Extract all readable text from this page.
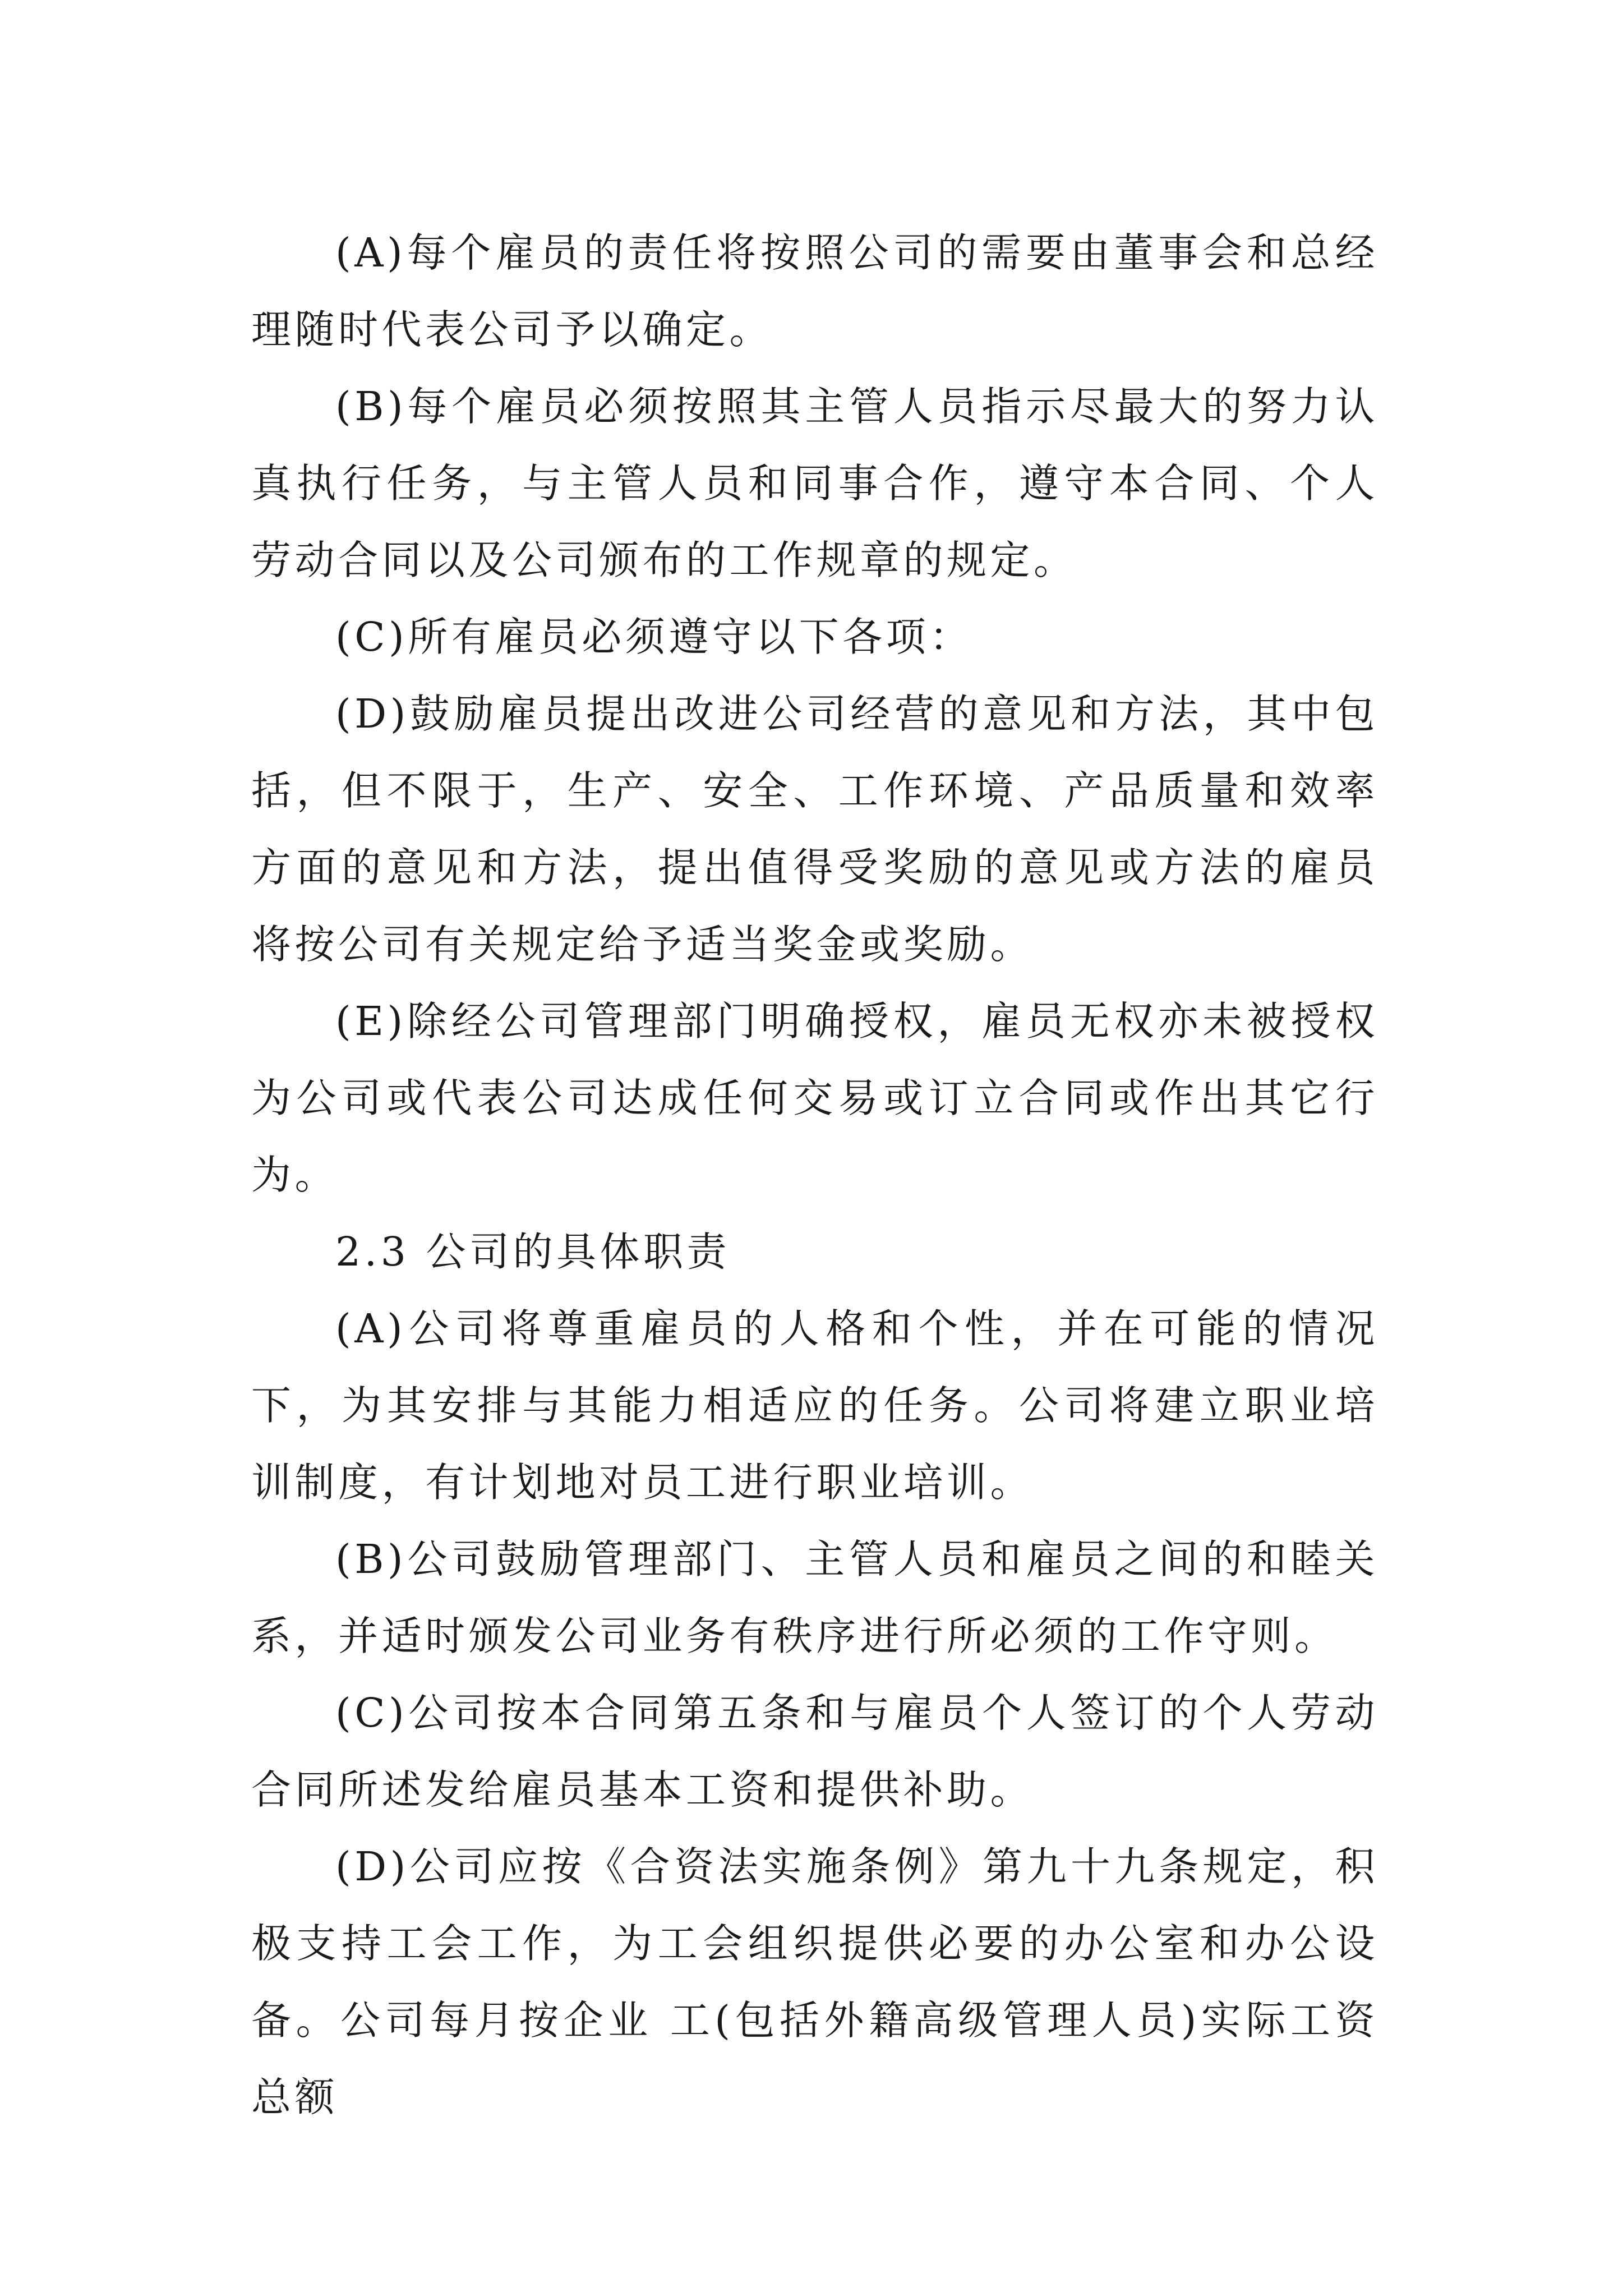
(A)每个雇员的责任将按照公司的需要由董事会和总经理随时代表公司予以确定。

(B)每个雇员必须按照其主管人员指示尽最大的努力认真执行任务，与主管人员和同事合作，遵守本合同、个人劳动合同以及公司颁布的工作规章的规定。

(C)所有雇员必须遵守以下各项：

(D)鼓励雇员提出改进公司经营的意见和方法，其中包括，但不限于，生产、安全、工作环境、产品质量和效率方面的意见和方法，提出值得受奖励的意见或方法的雇员将按公司有关规定给予适当奖金或奖励。

(E)除经公司管理部门明确授权，雇员无权亦未被授权为公司或代表公司达成任何交易或订立合同或作出其它行为。

2.3 公司的具体职责

(A)公司将尊重雇员的人格和个性，并在可能的情况下，为其安排与其能力相适应的任务。公司将建立职业培训制度，有计划地对员工进行职业培训。

(B)公司鼓励管理部门、主管人员和雇员之间的和睦关系，并适时颁发公司业务有秩序进行所必须的工作守则。

(C)公司按本合同第五条和与雇员个人签订的个人劳动合同所述发给雇员基本工资和提供补助。

(D)公司应按《合资法实施条例》第九十九条规定，积极支持工会工作，为工会组织提供必要的办公室和办公设备。公司每月按企业 工(包括外籍高级管理人员)实际工资总额
